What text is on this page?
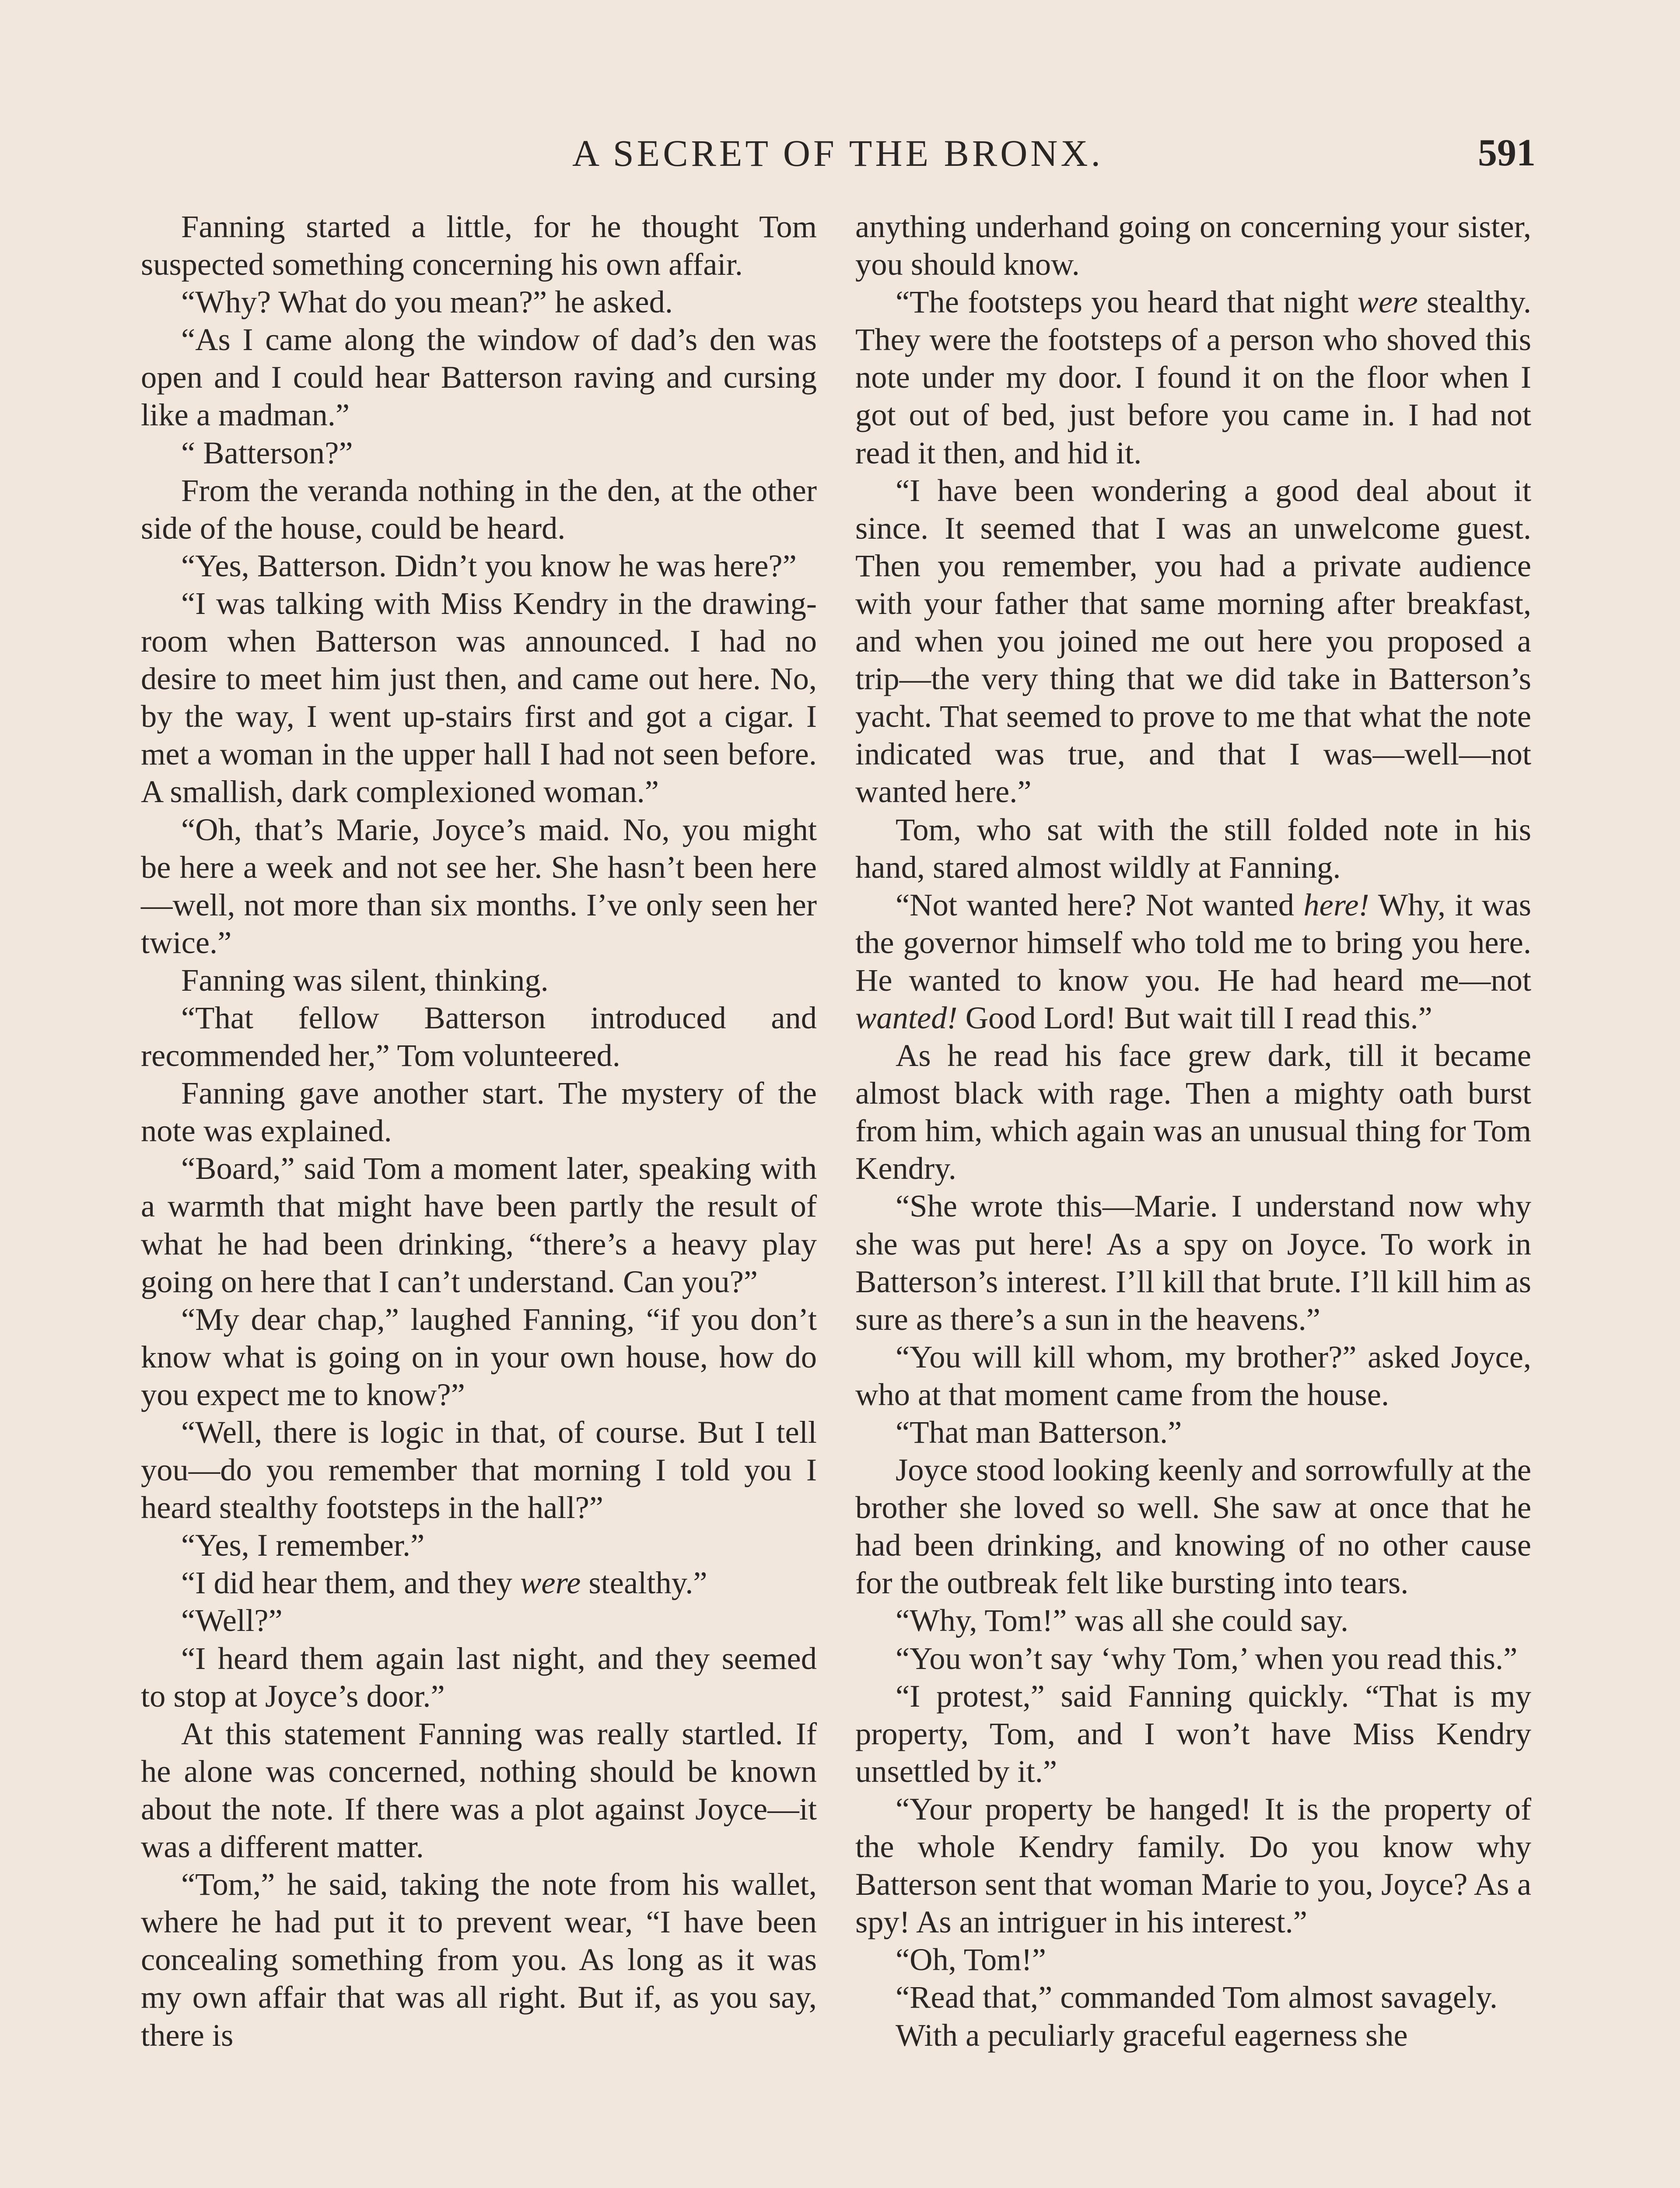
A SECRET OF THE BRONX.	591

Fanning started a little, for he thought Tom suspected something concerning his own affair.

“Why? What do you mean?” he asked.

“As I came along the window of dad’s den was open and I could hear Batterson raving and cursing like a madman.”

“ Batterson?”

From the veranda nothing in the den, at the other side of the house, could be heard.

“Yes, Batterson. Didn’t you know he was here?”

“I was talking with Miss Kendry in the drawing-room when Batterson was announced. I had no desire to meet him just then, and came out here. No, by the way, I went up-stairs first and got a cigar. I met a woman in the upper hall I had not seen before. A smallish, dark complexioned woman.”

“Oh, that’s Marie, Joyce’s maid. No, you might be here a week and not see her. She hasn’t been here—well, not more than six months. I’ve only seen her twice.”

Fanning was silent, thinking.

“That fellow Batterson introduced and recommended her,” Tom volunteered.

Fanning gave another start. The mystery of the note was explained.

“Board,” said Tom a moment later, speaking with a warmth that might have been partly the result of what he had been drinking, “there’s a heavy play going on here that I can’t understand. Can you?”

“My dear chap,” laughed Fanning, “if you don’t know what is going on in your own house, how do you expect me to know?”

“Well, there is logic in that, of course. But I tell you—do you remember that morning I told you I heard stealthy footsteps in the hall?”

“Yes, I remember.”

“I did hear them, and they were stealthy.”

“Well?”

“I heard them again last night, and they seemed to stop at Joyce’s door.”

At this statement Fanning was really startled. If he alone was concerned, nothing should be known about the note. If there was a plot against Joyce—it was a different matter.

“Tom,” he said, taking the note from his wallet, where he had put it to prevent wear, “I have been concealing something from you. As long as it was my own affair that was all right. But if, as you say, there is

anything underhand going on concerning your sister, you should know.

“The footsteps you heard that night were stealthy. They were the footsteps of a person who shoved this note under my door. I found it on the floor when I got out of bed, just before you came in. I had not read it then, and hid it.

“I have been wondering a good deal about it since. It seemed that I was an unwelcome guest. Then you remember, you had a private audience with your father that same morning after breakfast, and when you joined me out here you proposed a trip—the very thing that we did take in Batterson’s yacht. That seemed to prove to me that what the note indicated was true, and that I was—well—not wanted here.”

Tom, who sat with the still folded note in his hand, stared almost wildly at Fanning.

“Not wanted here? Not wanted here! Why, it was the governor himself who told me to bring you here. He wanted to know you. He had heard me—not wanted! Good Lord! But wait till I read this.”

As he read his face grew dark, till it became almost black with rage. Then a mighty oath burst from him, which again was an unusual thing for Tom Kendry.

“She wrote this—Marie. I understand now why she was put here! As a spy on Joyce. To work in Batterson’s interest. I’ll kill that brute. I’ll kill him as sure as there’s a sun in the heavens.”

“You will kill whom, my brother?” asked Joyce, who at that moment came from the house.

“That man Batterson.”

Joyce stood looking keenly and sorrowfully at the brother she loved so well. She saw at once that he had been drinking, and knowing of no other cause for the outbreak felt like bursting into tears.

“Why, Tom!” was all she could say.

“You won’t say ‘why Tom,’ when you read this.”

“I protest,” said Fanning quickly. “That is my property, Tom, and I won’t have Miss Kendry unsettled by it.”

“Your property be hanged! It is the property of the whole Kendry family. Do you know why Batterson sent that woman Marie to you, Joyce? As a spy! As an intriguer in his interest.”

“Oh, Tom!”

“Read that,” commanded Tom almost savagely.

With a peculiarly graceful eagerness she
